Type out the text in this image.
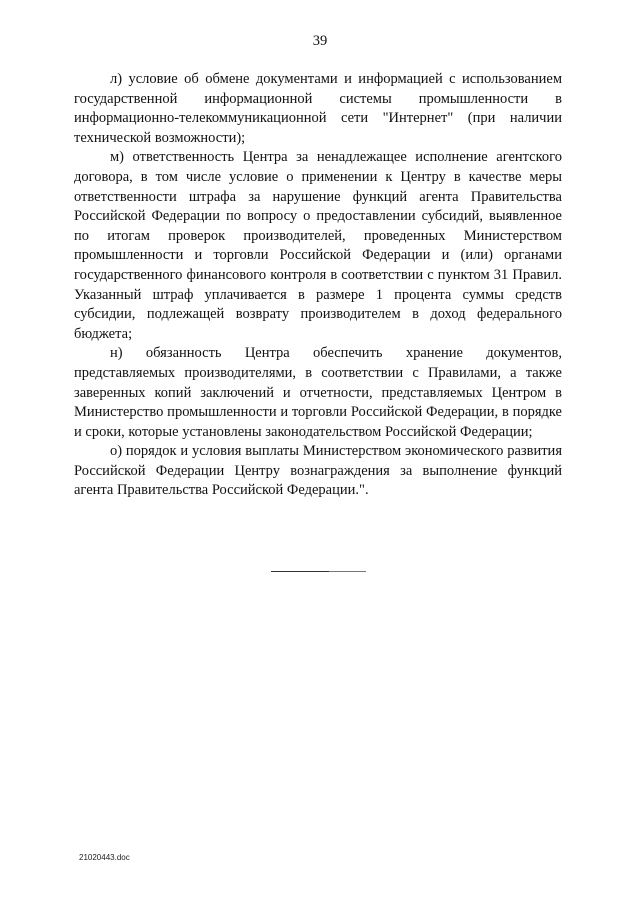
39

л) условие об обмене документами и информацией с использованием государственной информационной системы промышленности в информационно-телекоммуникационной сети "Интернет" (при наличии технической возможности);

м) ответственность Центра за ненадлежащее исполнение агентского договора, в том числе условие о применении к Центру в качестве меры ответственности штрафа за нарушение функций агента Правительства Российской Федерации по вопросу о предоставлении субсидий, выявленное по итогам проверок производителей, проведенных Министерством промышленности и торговли Российской Федерации и (или) органами государственного финансового контроля в соответствии с пунктом 31 Правил. Указанный штраф уплачивается в размере 1 процента суммы средств субсидии, подлежащей возврату производителем в доход федерального бюджета;

н) обязанность Центра обеспечить хранение документов, представляемых производителями, в соответствии с Правилами, а также заверенных копий заключений и отчетности, представляемых Центром в Министерство промышленности и торговли Российской Федерации, в порядке и сроки, которые установлены законодательством Российской Федерации;

о) порядок и условия выплаты Министерством экономического развития Российской Федерации Центру вознаграждения за выполнение функций агента Правительства Российской Федерации.".

21020443.doc
